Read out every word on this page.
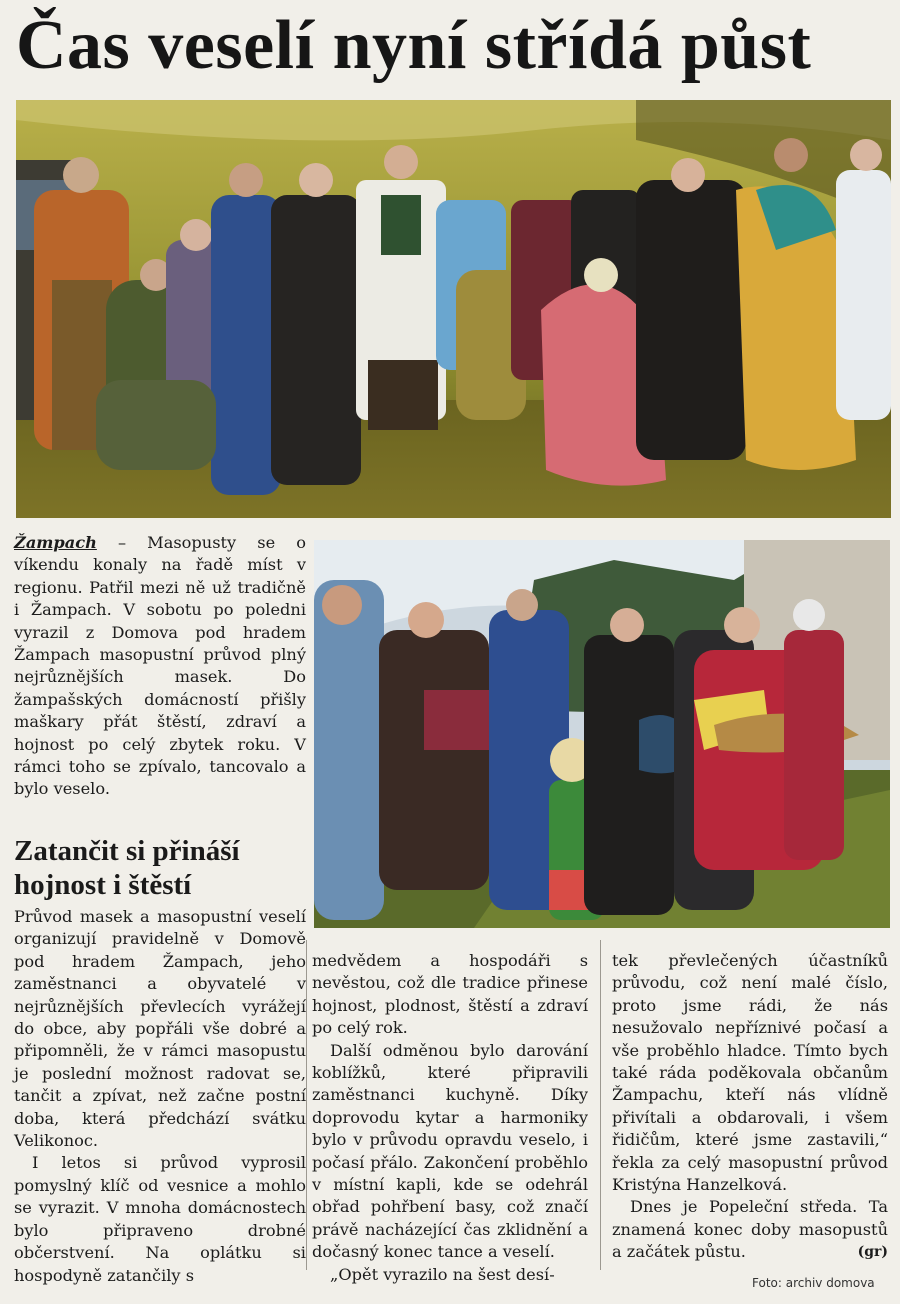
Čas veselí nyní střídá půst

Žampach – Masopusty se o víkendu konaly na řadě míst v regionu. Patřil mezi ně už tradičně i Žampach. V sobotu po poledni vyrazil z Domova pod hradem Žampach masopustní průvod plný nejrůznějších masek. Do žampašských domácností přišly maškary přát štěstí, zdraví a hojnost po celý zbytek roku. V rámci toho se zpívalo, tancovalo a bylo veselo.

Zatančit si přináší hojnost i štěstí

Průvod masek a masopustní veselí organizují pravidelně v Domově pod hradem Žampach, jeho zaměstnanci a obyvatelé v nejrůznějších převlecích vyrážejí do obce, aby popřáli vše dobré a připomněli, že v rámci masopustu je poslední možnost radovat se, tančit a zpívat, než začne postní doba, která předchází svátku Velikonoc.

I letos si průvod vyprosil pomyslný klíč od vesnice a mohlo se vyrazit. V mnoha domácnostech bylo připraveno drobné občerstvení. Na oplátku si hospodyně zatančily s

medvědem a hospodáři s nevěstou, což dle tradice přinese hojnost, plodnost, štěstí a zdraví po celý rok.

Další odměnou bylo darování koblížků, které připravili zaměstnanci kuchyně. Díky doprovodu kytar a harmoniky bylo v průvodu opravdu veselo, i počasí přálo. Zakončení proběhlo v místní kapli, kde se odehrál obřad pohřbení basy, což značí právě nacházející čas zklidnění a dočasný konec tance a veselí.

„Opět vyrazilo na šest desí-

tek převlečených účastníků průvodu, což není malé číslo, proto jsme rádi, že nás nesužovalo nepříznivé počasí a vše proběhlo hladce. Tímto bych také ráda poděkovala občanům Žampachu, kteří nás vlídně přivítali a obdarovali, i všem řidičům, které jsme zastavili,“ řekla za celý masopustní průvod Kristýna Hanzelková.

Dnes je Popeleční středa. Ta znamená konec doby masopustů a začátek půstu.	(gr)

Foto: archiv domova
